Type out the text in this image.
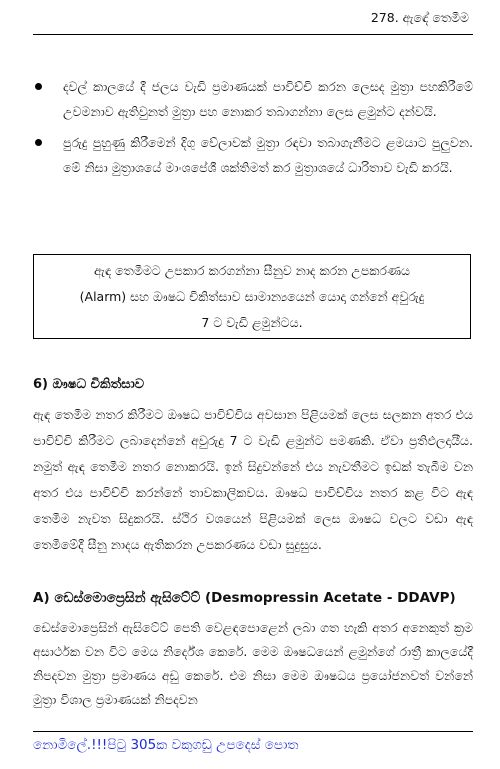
278. ඇඳේ තෙමීම
දවල් කාලයේ දී ජලය වැඩි ප්‍රමාණයක් පාවිච්චි කරන ලෙසද මුත්‍රා පහකිරීමේ උවමනාව ඇතිවුනත් මුත්‍රා පහ නොකර තබාගන්නා ලෙස ළමුන්ට දන්වයි.
පුරුදු පුහුණු කිරීමෙන් දිගු වේලාවක් මුත්‍රා රඳවා තබාගැනීමට ළමයාට පුලුවන. මේ නිසා මුත්‍රාශයේ මාංශපේශී ශක්තිමත් කර මුත්‍රාශයේ ධාරිතාව වැඩි කරයි.
ඇඳ තෙමීමට උපකාර කරගන්නා සීනුව නාද කරන උපකරණය
(Alarm) සහ ඖෂධ චිකිත්සාව සාමාන්‍යයෙන් යොදා ගන්නේ අවුරුදු
7 ට වැඩි ළමුන්ටය.
6) ඖෂධ චිකිත්සාව
ඇඳ තෙමීම නතර කිරීමට ඖෂධ පාවිච්චිය අවසාන පිළියමක් ලෙස සලකන අතර එය පාවිච්චි කිරීමට ලබාදෙන්නේ අවුරුදු 7 ට වැඩි ළමුන්ට පමණකි. ඒවා ප්‍රතිඵලදායීය. නමුත් ඇඳ තෙමීම නතර නොකරයි. ඉන් සිදුවන්නේ එය නැවතීමට ඉඩක් තැබීම වන අතර එය පාවිච්චි කරන්නේ තාවකාලිකවය. ඖෂධ පාවිච්චිය නතර කළ විට ඇඳ තෙමීම නැවත සිදුකරයි. ස්ථිර වශයෙන් පිළියමක් ලෙස ඖෂධ වලට වඩා ඇඳ තෙමීමේදී සීනු නාදය ඇතිකරන උපකරණය වඩා සුදුසුය.
A) ඩෙස්මොප්‍රෙසින් ඇසිටේට් (Desmopressin Acetate - DDAVP)
ඩෙස්මොප්‍රෙසින් ඇසිටේට් පෙති වෙළඳපොළෙන් ලබා ගත හැකි අතර අනෙකුත් ක්‍රම අසාර්ථක වන විට මෙය නිර්දේශ කෙරේ. මෙම ඖෂධයෙන් ළමුන්ගේ රාත්‍රී කාලයේදී නිපදවන මුත්‍රා ප්‍රමාණය අඩු කෙරේ. එම නිසා මෙම ඖෂධය ප්‍රයෝජනවත් වන්නේ මුත්‍රා විශාල ප්‍රමාණයක් නිපදවන
නොමිලේ.!!!පිටු 305ක වකුගඩු උපදෙස් පොත
